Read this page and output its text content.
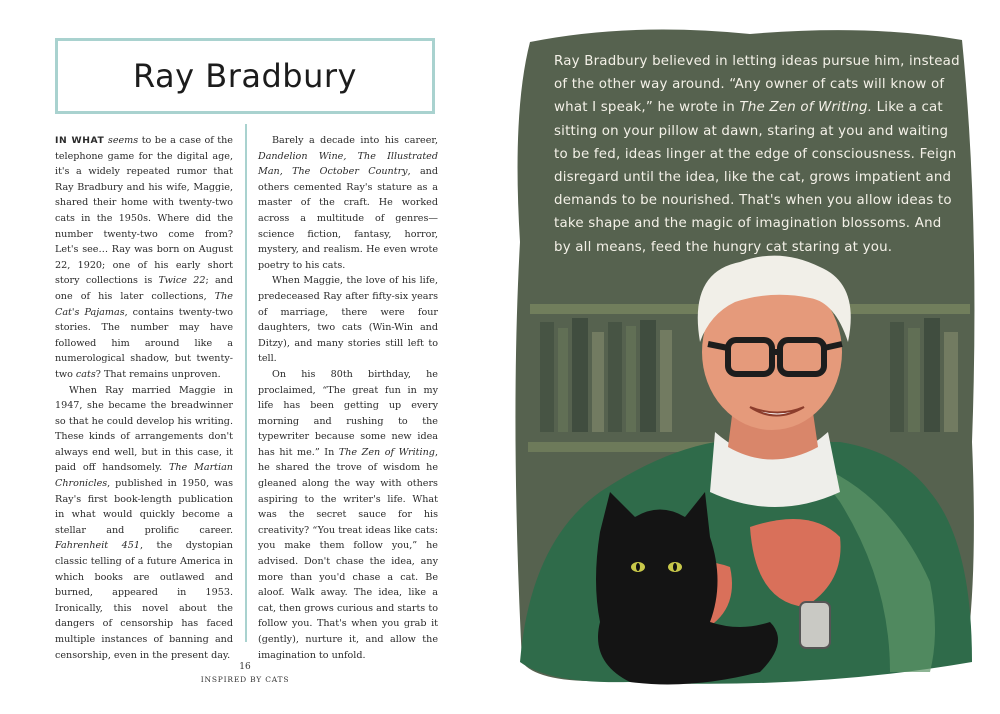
Ray Bradbury

IN WHAT seems to be a case of the telephone game for the digital age, it's a widely repeated rumor that Ray Bradbury and his wife, Maggie, shared their home with twenty-two cats in the 1950s. Where did the number twenty-two come from? Let's see… Ray was born on August 22, 1920; one of his early short story collections is Twice 22; and one of his later collections, The Cat's Pajamas, contains twenty-two stories. The number may have followed him around like a numerological shadow, but twenty-two cats? That remains unproven.

When Ray married Maggie in 1947, she became the breadwinner so that he could develop his writing. These kinds of arrangements don't always end well, but in this case, it paid off handsomely. The Martian Chronicles, published in 1950, was Ray's first book-length publication in what would quickly become a stellar and prolific career. Fahrenheit 451, the dystopian classic telling of a future America in which books are outlawed and burned, appeared in 1953. Ironically, this novel about the dangers of censorship has faced multiple instances of banning and censorship, even in the present day.

Barely a decade into his career, Dandelion Wine, The Illustrated Man, The October Country, and others cemented Ray's stature as a master of the craft. He worked across a multitude of genres—science fiction, fantasy, horror, mystery, and realism. He even wrote poetry to his cats.

When Maggie, the love of his life, predeceased Ray after fifty-six years of marriage, there were four daughters, two cats (Win-Win and Ditzy), and many stories still left to tell.

On his 80th birthday, he proclaimed, “The great fun in my life has been getting up every morning and rushing to the typewriter because some new idea has hit me.” In The Zen of Writing, he shared the trove of wisdom he gleaned along the way with others aspiring to the writer's life. What was the secret sauce for his creativity? “You treat ideas like cats: you make them follow you,” he advised. Don't chase the idea, any more than you'd chase a cat. Be aloof. Walk away. The idea, like a cat, then grows curious and starts to follow you. That's when you grab it (gently), nurture it, and allow the imagination to unfold.

16
INSPIRED BY CATS
Ray Bradbury believed in letting ideas pursue him, instead of the other way around. “Any owner of cats will know of what I speak,” he wrote in The Zen of Writing. Like a cat sitting on your pillow at dawn, staring at you and waiting to be fed, ideas linger at the edge of consciousness. Feign disregard until the idea, like the cat, grows impatient and demands to be nourished. That's when you allow ideas to take shape and the magic of imagination blossoms. And by all means, feed the hungry cat staring at you.
